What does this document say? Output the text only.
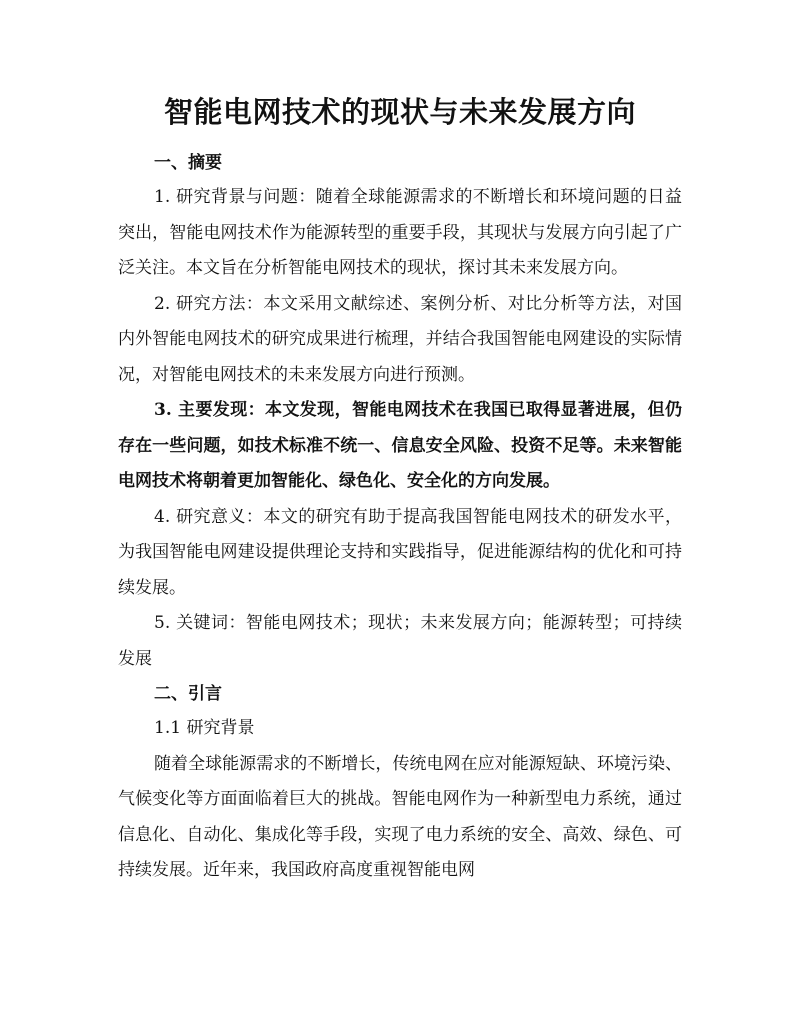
智能电网技术的现状与未来发展方向

一、摘要

1. 研究背景与问题：随着全球能源需求的不断增长和环境问题的日益突出，智能电网技术作为能源转型的重要手段，其现状与发展方向引起了广泛关注。本文旨在分析智能电网技术的现状，探讨其未来发展方向。

2. 研究方法：本文采用文献综述、案例分析、对比分析等方法，对国内外智能电网技术的研究成果进行梳理，并结合我国智能电网建设的实际情况，对智能电网技术的未来发展方向进行预测。

3. 主要发现：本文发现，智能电网技术在我国已取得显著进展，但仍存在一些问题，如技术标准不统一、信息安全风险、投资不足等。未来智能电网技术将朝着更加智能化、绿色化、安全化的方向发展。

4. 研究意义：本文的研究有助于提高我国智能电网技术的研发水平，为我国智能电网建设提供理论支持和实践指导，促进能源结构的优化和可持续发展。

5. 关键词：智能电网技术；现状；未来发展方向；能源转型；可持续发展

二、引言

1.1 研究背景

随着全球能源需求的不断增长，传统电网在应对能源短缺、环境污染、气候变化等方面面临着巨大的挑战。智能电网作为一种新型电力系统，通过信息化、自动化、集成化等手段，实现了电力系统的安全、高效、绿色、可持续发展。近年来，我国政府高度重视智能电网
